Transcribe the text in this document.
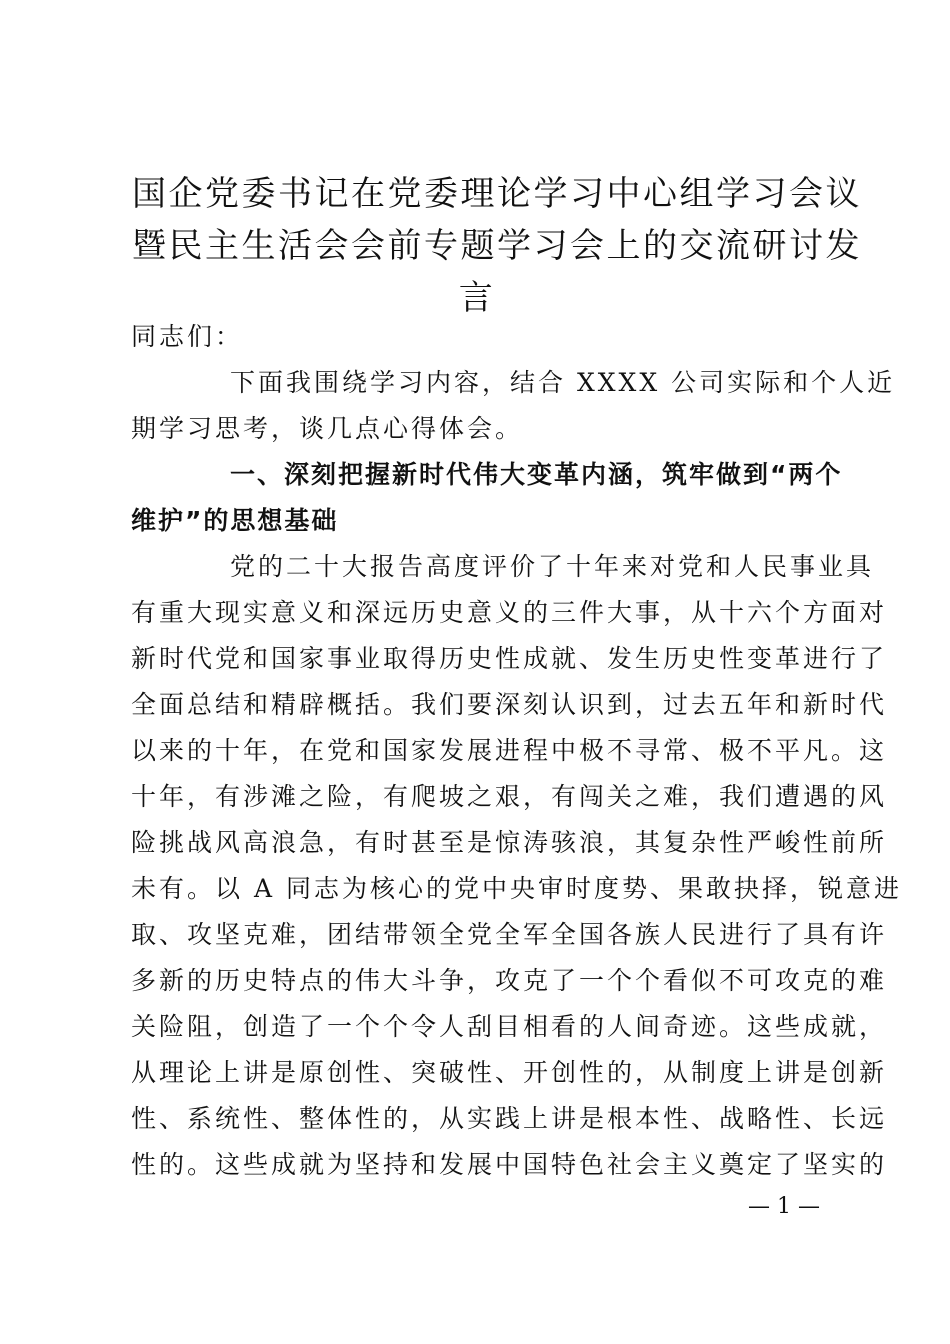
国企党委书记在党委理论学习中心组学习会议
暨民主生活会会前专题学习会上的交流研讨发
言
同志们：
下面我围绕学习内容，结合 XXXX 公司实际和个人近
期学习思考，谈几点心得体会。
一、深刻把握新时代伟大变革内涵，筑牢做到“两个
维护”的思想基础
党的二十大报告高度评价了十年来对党和人民事业具
有重大现实意义和深远历史意义的三件大事，从十六个方面对
新时代党和国家事业取得历史性成就、发生历史性变革进行了
全面总结和精辟概括。我们要深刻认识到，过去五年和新时代
以来的十年，在党和国家发展进程中极不寻常、极不平凡。这
十年，有涉滩之险，有爬坡之艰，有闯关之难，我们遭遇的风
险挑战风高浪急，有时甚至是惊涛骇浪，其复杂性严峻性前所
未有。以 A 同志为核心的党中央审时度势、果敢抉择，锐意进
取、攻坚克难，团结带领全党全军全国各族人民进行了具有许
多新的历史特点的伟大斗争，攻克了一个个看似不可攻克的难
关险阻，创造了一个个令人刮目相看的人间奇迹。这些成就，
从理论上讲是原创性、突破性、开创性的，从制度上讲是创新
性、系统性、整体性的，从实践上讲是根本性、战略性、长远
性的。这些成就为坚持和发展中国特色社会主义奠定了坚实的
— 1 —
